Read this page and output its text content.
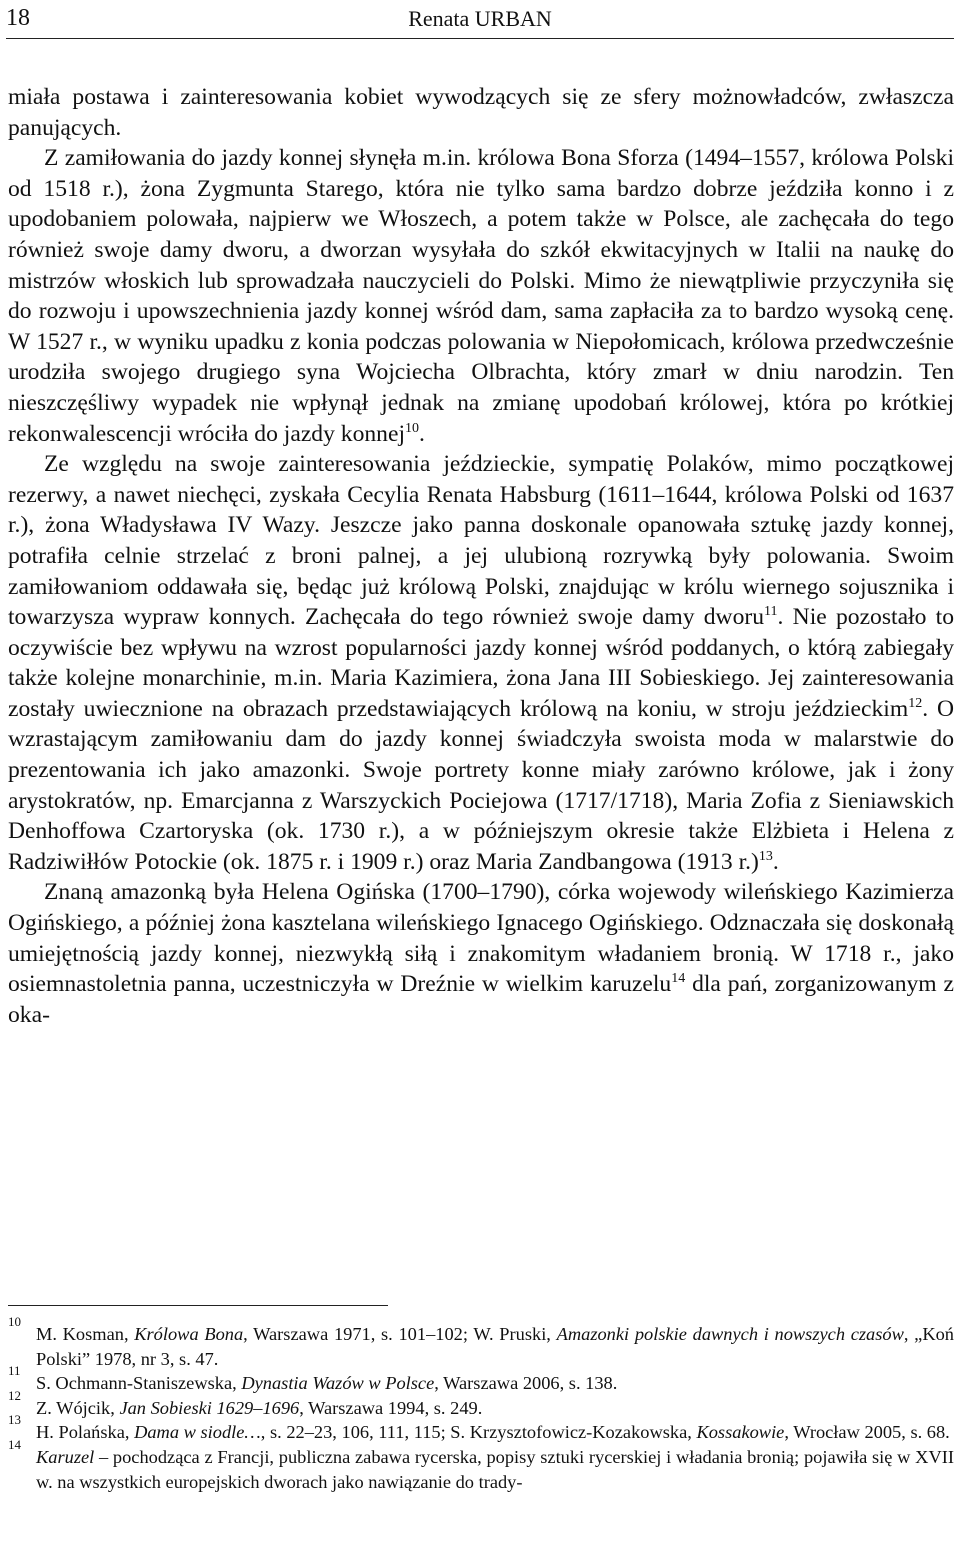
18	Renata URBAN

miała postawa i zainteresowania kobiet wywodzących się ze sfery możnowładców, zwłaszcza panujących.

Z zamiłowania do jazdy konnej słynęła m.in. królowa Bona Sforza (1494–1557, królowa Polski od 1518 r.), żona Zygmunta Starego, która nie tylko sama bardzo dobrze jeździła konno i z upodobaniem polowała, najpierw we Włoszech, a potem także w Polsce, ale zachęcała do tego również swoje damy dworu, a dworzan wysyłała do szkół ekwitacyjnych w Italii na naukę do mistrzów włoskich lub sprowadzała nauczycieli do Polski. Mimo że niewątpliwie przyczyniła się do rozwoju i upowszechnienia jazdy konnej wśród dam, sama zapłaciła za to bardzo wysoką cenę. W 1527 r., w wyniku upadku z konia podczas polowania w Niepołomicach, królowa przedwcześnie urodziła swojego drugiego syna Wojciecha Olbrachta, który zmarł w dniu narodzin. Ten nieszczęśliwy wypadek nie wpłynął jednak na zmianę upodobań królowej, która po krótkiej rekonwalescencji wróciła do jazdy konnej$^{10}$.

Ze względu na swoje zainteresowania jeździeckie, sympatię Polaków, mimo początkowej rezerwy, a nawet niechęci, zyskała Cecylia Renata Habsburg (1611–1644, królowa Polski od 1637 r.), żona Władysława IV Wazy. Jeszcze jako panna doskonale opanowała sztukę jazdy konnej, potrafiła celnie strzelać z broni palnej, a jej ulubioną rozrywką były polowania. Swoim zamiłowaniom oddawała się, będąc już królową Polski, znajdując w królu wiernego sojusznika i towarzysza wypraw konnych. Zachęcała do tego również swoje damy dworu$^{11}$. Nie pozostało to oczywiście bez wpływu na wzrost popularności jazdy konnej wśród poddanych, o którą zabiegały także kolejne monarchinie, m.in. Maria Kazimiera, żona Jana III Sobieskiego. Jej zainteresowania zostały uwiecznione na obrazach przedstawiających królową na koniu, w stroju jeździeckim$^{12}$. O wzrastającym zamiłowaniu dam do jazdy konnej świadczyła swoista moda w malarstwie do prezentowania ich jako amazonki. Swoje portrety konne miały zarówno królowe, jak i żony arystokratów, np. Emarcjanna z Warszyckich Pociejowa (1717/1718), Maria Zofia z Sieniawskich Denhoffowa Czartoryska (ok. 1730 r.), a w późniejszym okresie także Elżbieta i Helena z Radziwiłłów Potockie (ok. 1875 r. i 1909 r.) oraz Maria Zandbangowa (1913 r.)$^{13}$.

Znaną amazonką była Helena Ogińska (1700–1790), córka wojewody wileńskiego Kazimierza Ogińskiego, a później żona kasztelana wileńskiego Ignacego Ogińskiego. Odznaczała się doskonałą umiejętnością jazdy konnej, niezwykłą siłą i znakomitym władaniem bronią. W 1718 r., jako osiemnastoletnia panna, uczestniczyła w Dreźnie w wielkim karuzelu$^{14}$ dla pań, zorganizowanym z oka-

10
M. Kosman, Królowa Bona, Warszawa 1971, s. 101–102; W. Pruski, Amazonki polskie dawnych i nowszych czasów, „Koń Polski” 1978, nr 3, s. 47.
11
S. Ochmann-Staniszewska, Dynastia Wazów w Polsce, Warszawa 2006, s. 138.
12
Z. Wójcik, Jan Sobieski 1629–1696, Warszawa 1994, s. 249.
13
H. Polańska, Dama w siodle…, s. 22–23, 106, 111, 115; S. Krzysztofowicz-Kozakowska, Kossakowie, Wrocław 2005, s. 68.
14
Karuzel – pochodząca z Francji, publiczna zabawa rycerska, popisy sztuki rycerskiej i władania bronią; pojawiła się w XVII w. na wszystkich europejskich dworach jako nawiązanie do trady-
